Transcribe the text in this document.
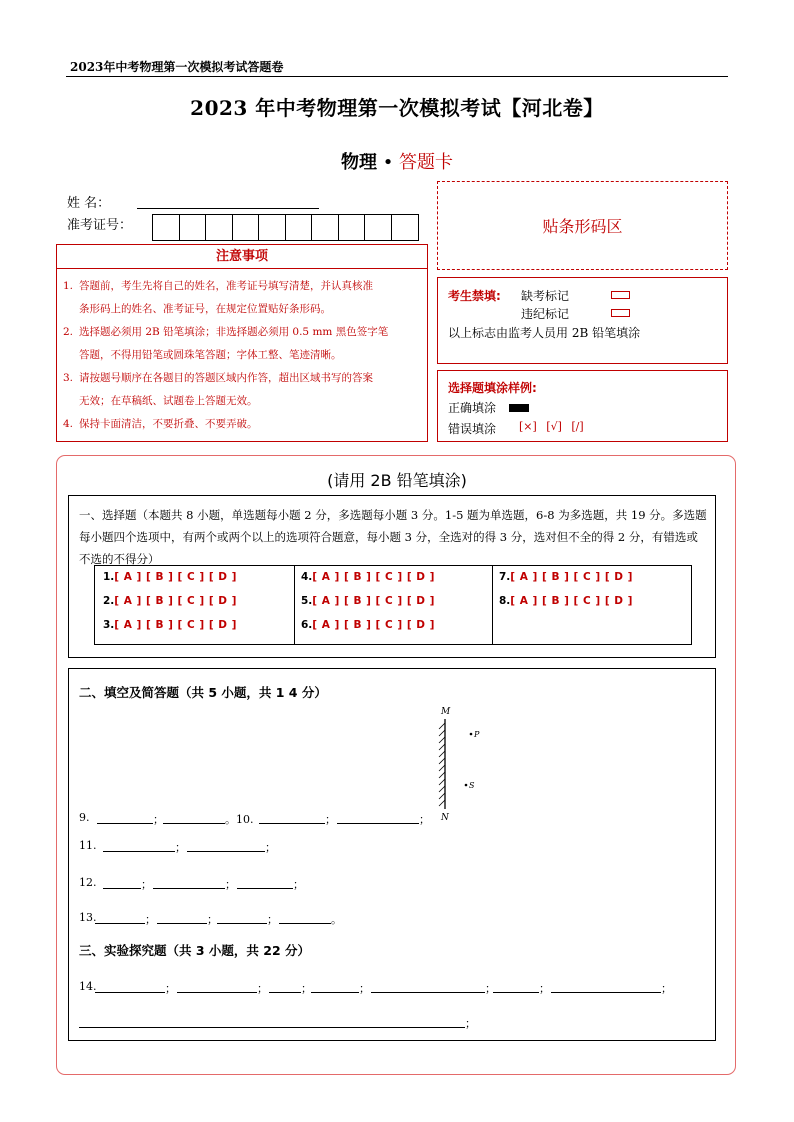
2023年中考物理第一次模拟考试答题卷
2023 年中考物理第一次模拟考试【河北卷】
物理 • 答题卡
姓 名：
准考证号：	贴条形码区
注意事项
1. 答题前，考生先将自己的姓名，准考证号填写清楚，并认真核准
条形码上的姓名、准考证号，在规定位置贴好条形码。
2. 选择题必须用 2B 铅笔填涂；非选择题必须用 0.5 mm 黑色签字笔
答题，不得用铅笔或圆珠笔答题；字体工整、笔迹清晰。
3. 请按题号顺序在各题目的答题区域内作答，超出区域书写的答案
无效；在草稿纸、试题卷上答题无效。
4. 保持卡面清洁，不要折叠、不要弄破。
考生禁填: 缺考标记
违纪标记
以上标志由监考人员用 2B 铅笔填涂
选择题填涂样例:
正确填涂
错误填涂 [×] [√] [/]
(请用 2B 铅笔填涂)
一、选择题（本题共 8 小题，单选题每小题 2 分，多选题每小题 3 分。1-5 题为单选题，6-8 为多选题，共 19 分。多选题每小题四个选项中，有两个或两个以上的选项符合题意，每小题 3 分，全选对的得 3 分，选对但不全的得 2 分，有错选或不选的不得分）
1.[ A ] [ B ] [ C ] [ D ]
2.[ A ] [ B ] [ C ] [ D ]
3.[ A ] [ B ] [ C ] [ D ]
4.[ A ] [ B ] [ C ] [ D ]
5.[ A ] [ B ] [ C ] [ D ]
6.[ A ] [ B ] [ C ] [ D ]
7.[ A ] [ B ] [ C ] [ D ]
8.[ A ] [ B ] [ C ] [ D ]
二、填空及简答题（共 5 小题，共 1 4 分）
M
N
P
S
9.	；	。10.	；	；
11.	；	；
12.	；	；	；
13.	；	；	；	。
三、实验探究题（共 3 小题，共 22 分）
14.	；	；	；	；	；	；	；
；
